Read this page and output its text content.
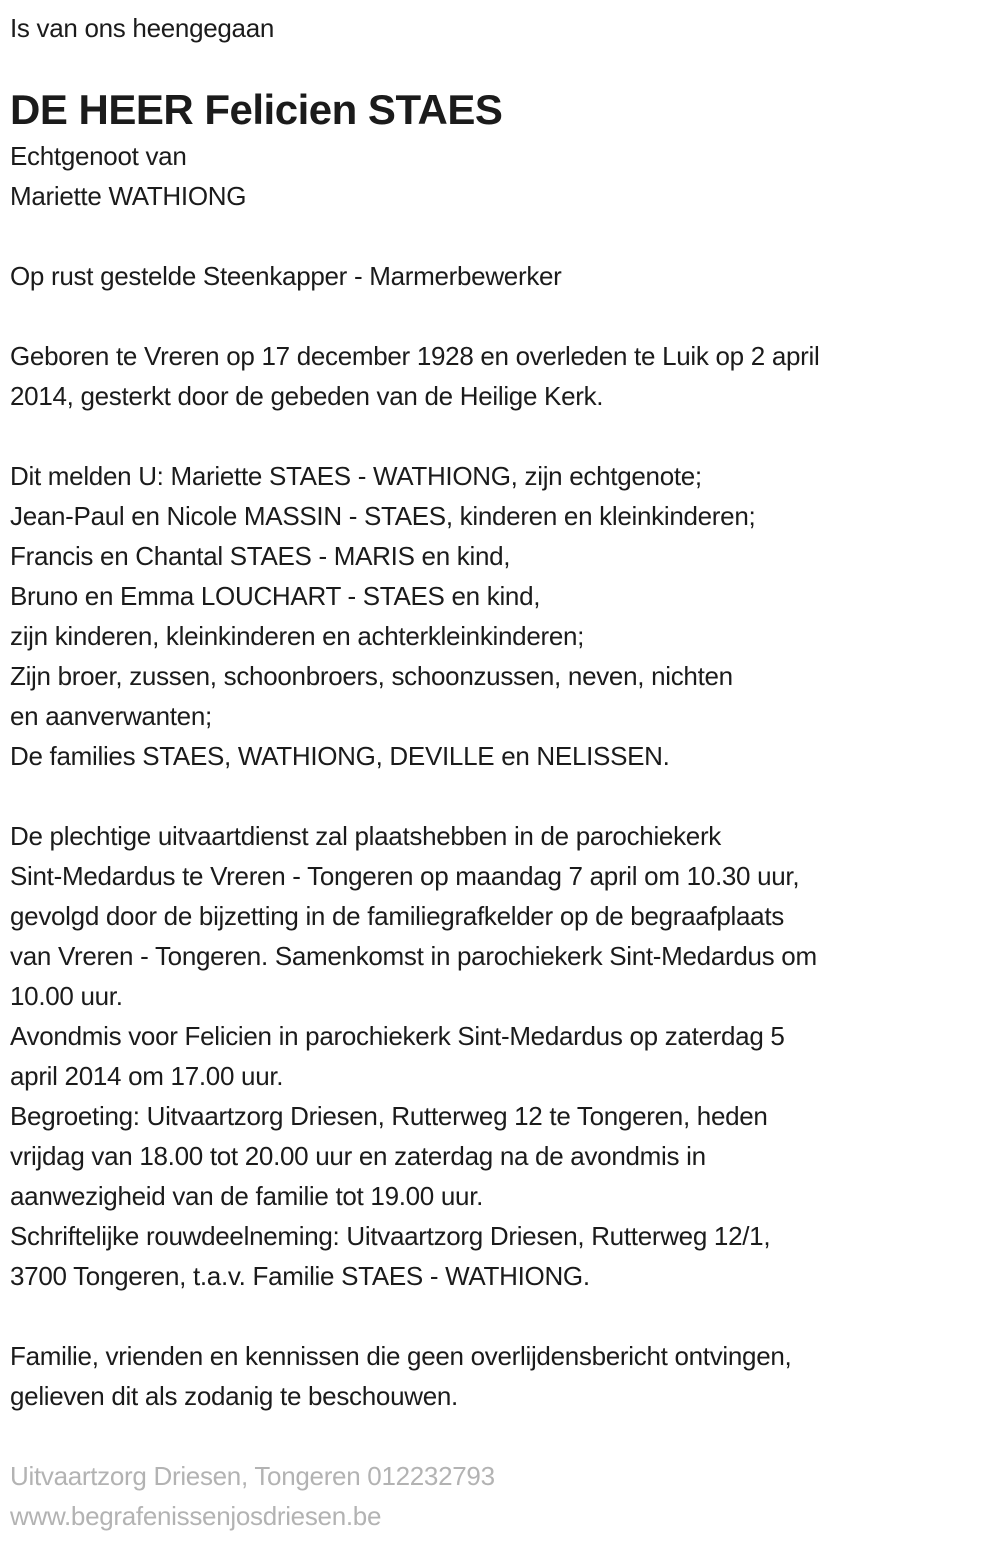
Is van ons heengegaan
DE HEER Felicien STAES
Echtgenoot van
Mariette WATHIONG
Op rust gestelde Steenkapper - Marmerbewerker
Geboren te Vreren op 17 december 1928 en overleden te Luik op 2 april
2014, gesterkt door de gebeden van de Heilige Kerk.
Dit melden U: Mariette STAES - WATHIONG, zijn echtgenote;
Jean-Paul en Nicole MASSIN - STAES, kinderen en kleinkinderen;
Francis en Chantal STAES - MARIS en kind,
Bruno en Emma LOUCHART - STAES en kind,
zijn kinderen, kleinkinderen en achterkleinkinderen;
Zijn broer, zussen, schoonbroers, schoonzussen, neven, nichten
en aanverwanten;
De families STAES, WATHIONG, DEVILLE en NELISSEN.
De plechtige uitvaartdienst zal plaatshebben in de parochiekerk
Sint-Medardus te Vreren - Tongeren op maandag 7 april om 10.30 uur,
gevolgd door de bijzetting in de familiegrafkelder op de begraafplaats
van Vreren - Tongeren. Samenkomst in parochiekerk Sint-Medardus om
10.00 uur.
Avondmis voor Felicien in parochiekerk Sint-Medardus op zaterdag 5
april 2014 om 17.00 uur.
Begroeting: Uitvaartzorg Driesen, Rutterweg 12 te Tongeren, heden
vrijdag van 18.00 tot 20.00 uur en zaterdag na de avondmis in
aanwezigheid van de familie tot 19.00 uur.
Schriftelijke rouwdeelneming: Uitvaartzorg Driesen, Rutterweg 12/1,
3700 Tongeren, t.a.v. Familie STAES - WATHIONG.
Familie, vrienden en kennissen die geen overlijdensbericht ontvingen,
gelieven dit als zodanig te beschouwen.
Uitvaartzorg Driesen, Tongeren 012232793
www.begrafenissenjosdriesen.be
